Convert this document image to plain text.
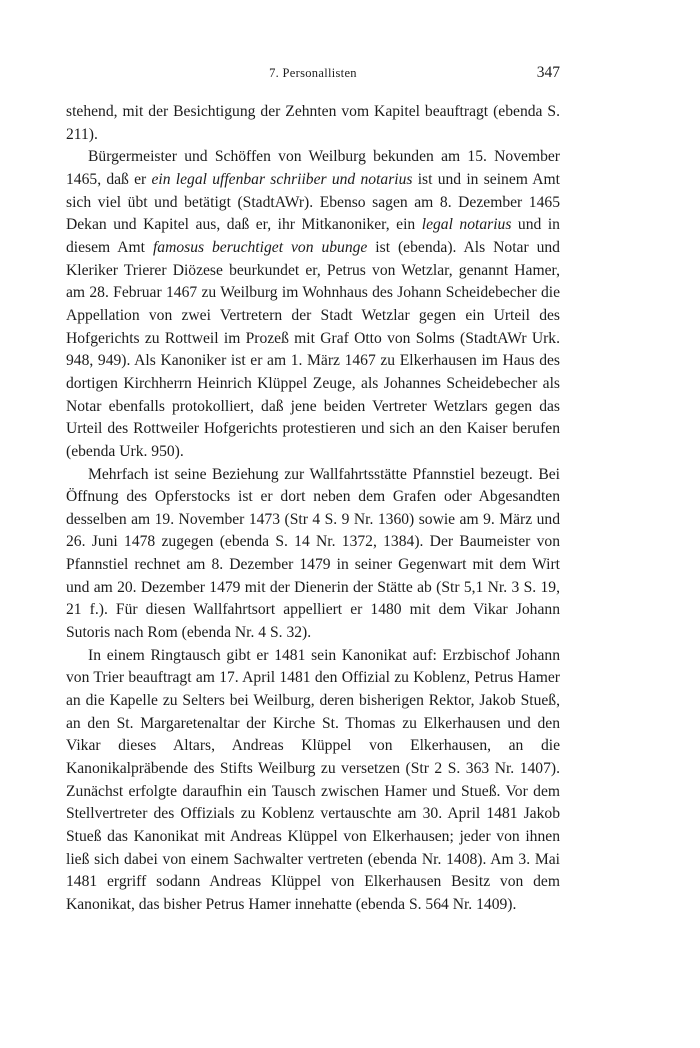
7. Personallisten	347

stehend, mit der Besichtigung der Zehnten vom Kapitel beauftragt (ebenda S. 211).

Bürgermeister und Schöffen von Weilburg bekunden am 15. November 1465, daß er ein legal uffenbar schriiber und notarius ist und in seinem Amt sich viel übt und betätigt (StadtAWr). Ebenso sagen am 8. Dezember 1465 Dekan und Kapitel aus, daß er, ihr Mitkanoniker, ein legal notarius und in diesem Amt famosus beruchtiget von ubunge ist (ebenda). Als Notar und Kleriker Trierer Diözese beurkundet er, Petrus von Wetzlar, genannt Hamer, am 28. Februar 1467 zu Weilburg im Wohnhaus des Johann Scheidebecher die Appellation von zwei Vertretern der Stadt Wetzlar gegen ein Urteil des Hofgerichts zu Rottweil im Prozeß mit Graf Otto von Solms (StadtAWr Urk. 948, 949). Als Kanoniker ist er am 1. März 1467 zu Elkerhausen im Haus des dortigen Kirchherrn Heinrich Klüppel Zeuge, als Johannes Scheidebecher als Notar ebenfalls protokolliert, daß jene beiden Vertreter Wetzlars gegen das Urteil des Rottweiler Hofgerichts protestieren und sich an den Kaiser berufen (ebenda Urk. 950).

Mehrfach ist seine Beziehung zur Wallfahrtsstätte Pfannstiel bezeugt. Bei Öffnung des Opferstocks ist er dort neben dem Grafen oder Abgesandten desselben am 19. November 1473 (Str 4 S. 9 Nr. 1360) sowie am 9. März und 26. Juni 1478 zugegen (ebenda S. 14 Nr. 1372, 1384). Der Baumeister von Pfannstiel rechnet am 8. Dezember 1479 in seiner Gegenwart mit dem Wirt und am 20. Dezember 1479 mit der Dienerin der Stätte ab (Str 5,1 Nr. 3 S. 19, 21 f.). Für diesen Wallfahrtsort appelliert er 1480 mit dem Vikar Johann Sutoris nach Rom (ebenda Nr. 4 S. 32).

In einem Ringtausch gibt er 1481 sein Kanonikat auf: Erzbischof Johann von Trier beauftragt am 17. April 1481 den Offizial zu Koblenz, Petrus Hamer an die Kapelle zu Selters bei Weilburg, deren bisherigen Rektor, Jakob Stueß, an den St. Margaretenaltar der Kirche St. Thomas zu Elkerhausen und den Vikar dieses Altars, Andreas Klüppel von Elkerhausen, an die Kanonikalpräbende des Stifts Weilburg zu versetzen (Str 2 S. 363 Nr. 1407). Zunächst erfolgte daraufhin ein Tausch zwischen Hamer und Stueß. Vor dem Stellvertreter des Offizials zu Koblenz vertauschte am 30. April 1481 Jakob Stueß das Kanonikat mit Andreas Klüppel von Elkerhausen; jeder von ihnen ließ sich dabei von einem Sachwalter vertreten (ebenda Nr. 1408). Am 3. Mai 1481 ergriff sodann Andreas Klüppel von Elkerhausen Besitz von dem Kanonikat, das bisher Petrus Hamer innehatte (ebenda S. 564 Nr. 1409).
